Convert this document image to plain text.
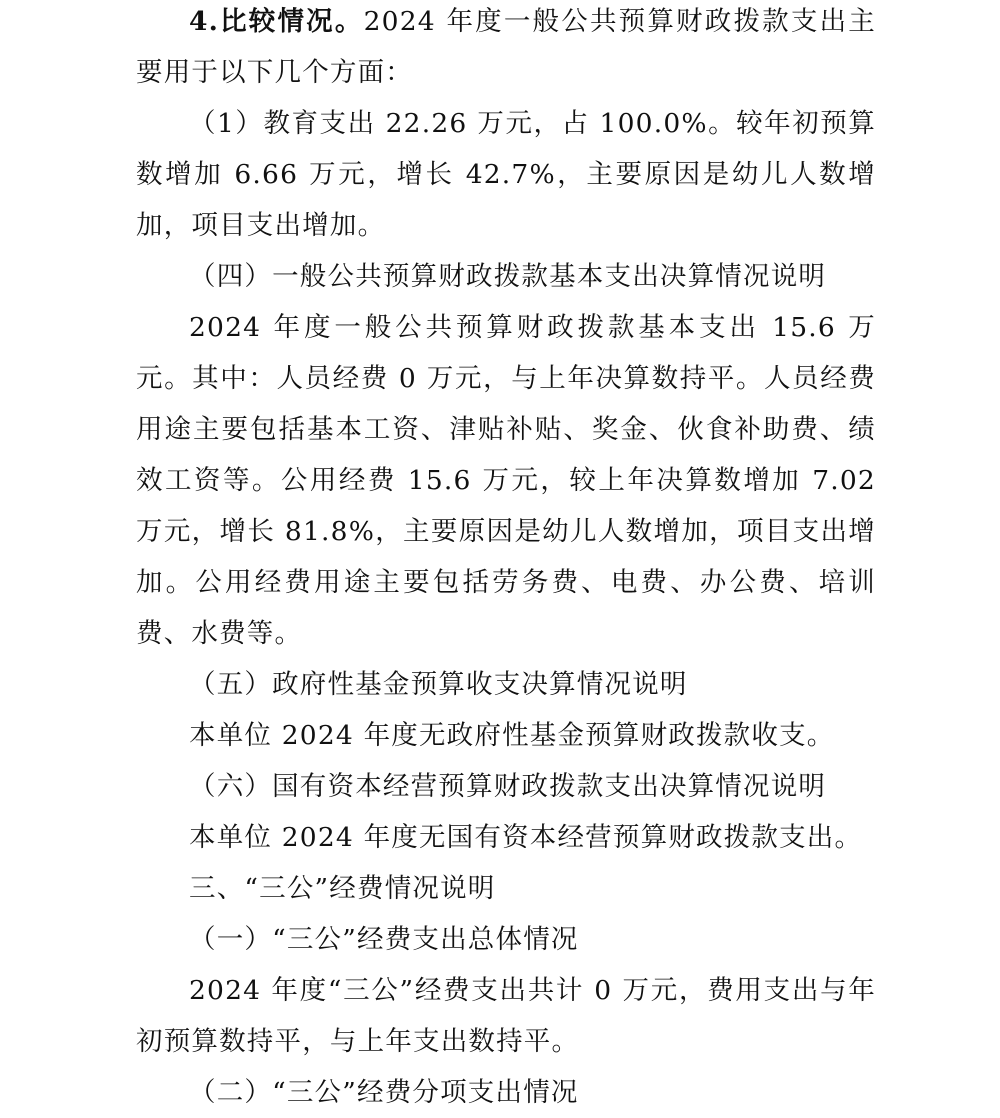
4.比较情况。2024 年度一般公共预算财政拨款支出主要用于以下几个方面：

（1）教育支出 22.26 万元，占 100.0%。较年初预算数增加 6.66 万元，增长 42.7%，主要原因是幼儿人数增加，项目支出增加。

（四）一般公共预算财政拨款基本支出决算情况说明

2024 年度一般公共预算财政拨款基本支出 15.6 万元。其中：人员经费 0 万元，与上年决算数持平。人员经费用途主要包括基本工资、津贴补贴、奖金、伙食补助费、绩效工资等。公用经费 15.6 万元，较上年决算数增加 7.02 万元，增长 81.8%，主要原因是幼儿人数增加，项目支出增加。公用经费用途主要包括劳务费、电费、办公费、培训费、水费等。

（五）政府性基金预算收支决算情况说明

本单位 2024 年度无政府性基金预算财政拨款收支。

（六）国有资本经营预算财政拨款支出决算情况说明

本单位 2024 年度无国有资本经营预算财政拨款支出。

三、“三公”经费情况说明

（一）“三公”经费支出总体情况

2024 年度“三公”经费支出共计 0 万元，费用支出与年初预算数持平，与上年支出数持平。

（二）“三公”经费分项支出情况
